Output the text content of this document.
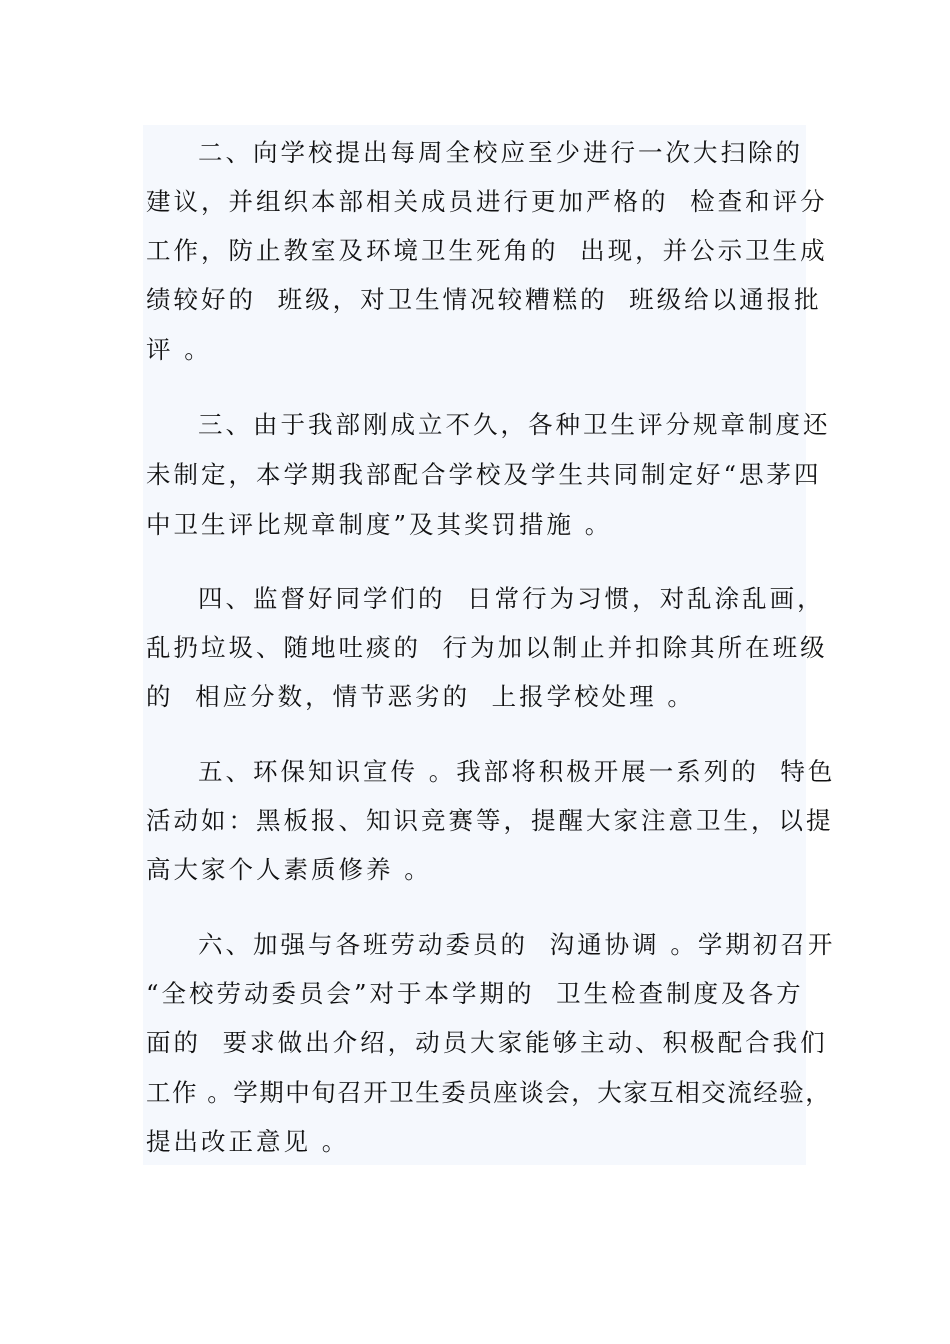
二、向学校提出每周全校应至少进行一次大扫除的

建议，并组织本部相关成员进行更加严格的  检查和评分

工作，防止教室及环境卫生死角的  出现，并公示卫生成

绩较好的  班级，对卫生情况较糟糕的  班级给以通报批

评 。

三、由于我部刚成立不久，各种卫生评分规章制度还

未制定，本学期我部配合学校及学生共同制定好“思茅四

中卫生评比规章制度”及其奖罚措施 。

四、监督好同学们的  日常行为习惯，对乱涂乱画，

乱扔垃圾、随地吐痰的  行为加以制止并扣除其所在班级

的  相应分数，情节恶劣的  上报学校处理 。

五、环保知识宣传 。我部将积极开展一系列的  特色

活动如：黑板报、知识竞赛等，提醒大家注意卫生，以提

高大家个人素质修养 。

六、加强与各班劳动委员的  沟通协调 。学期初召开

“全校劳动委员会”对于本学期的  卫生检查制度及各方

面的  要求做出介绍，动员大家能够主动、积极配合我们

工作 。学期中旬召开卫生委员座谈会，大家互相交流经验，

提出改正意见 。
